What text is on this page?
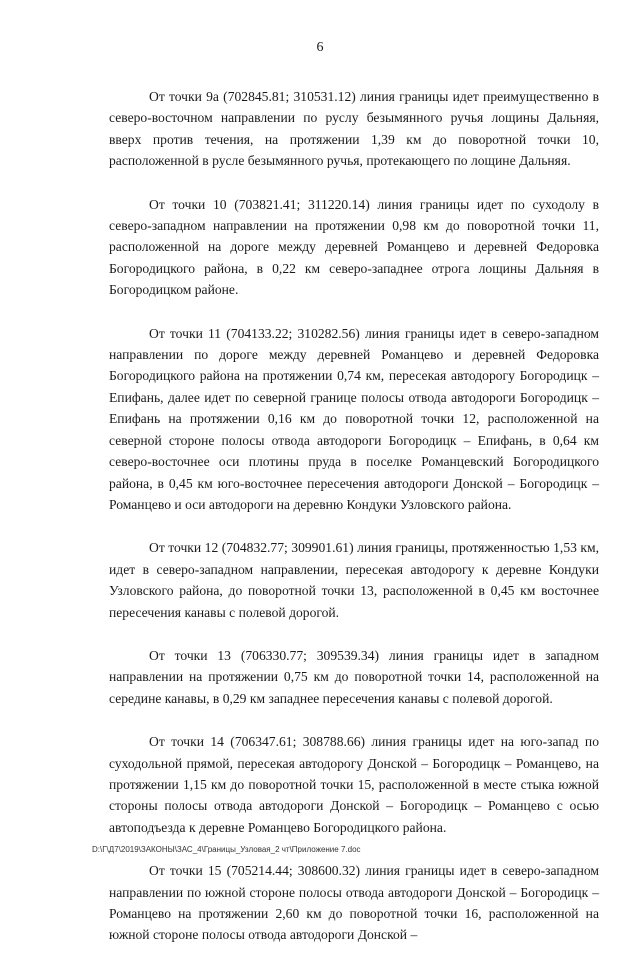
6

От точки 9а (702845.81; 310531.12) линия границы идет преимущественно в северо-восточном направлении по руслу безымянного ручья лощины Дальняя, вверх против течения, на протяжении 1,39 км до поворотной точки 10, расположенной в русле безымянного ручья, протекающего по лощине Дальняя.

От точки 10 (703821.41; 311220.14) линия границы идет по суходолу в северо-западном направлении на протяжении 0,98 км до поворотной точки 11, расположенной на дороге между деревней Романцево и деревней Федоровка Богородицкого района, в 0,22 км северо-западнее отрога лощины Дальняя в Богородицком районе.

От точки 11 (704133.22; 310282.56) линия границы идет в северо-западном направлении по дороге между деревней Романцево и деревней Федоровка Богородицкого района на протяжении 0,74 км, пересекая автодорогу Богородицк – Епифань, далее идет по северной границе полосы отвода автодороги Богородицк – Епифань на протяжении 0,16 км до поворотной точки 12, расположенной на северной стороне полосы отвода автодороги Богородицк – Епифань, в 0,64 км северо-восточнее оси плотины пруда в поселке Романцевский Богородицкого района, в 0,45 км юго-восточнее пересечения автодороги Донской – Богородицк – Романцево и оси автодороги на деревню Кондуки Узловского района.

От точки 12 (704832.77; 309901.61) линия границы, протяженностью 1,53 км, идет в северо-западном направлении, пересекая автодорогу к деревне Кондуки Узловского района, до поворотной точки 13, расположенной в 0,45 км восточнее пересечения канавы с полевой дорогой.

От точки 13 (706330.77; 309539.34) линия границы идет в западном направлении на протяжении 0,75 км до поворотной точки 14, расположенной на середине канавы, в 0,29 км западнее пересечения канавы с полевой дорогой.

От точки 14 (706347.61; 308788.66) линия границы идет на юго-запад по суходольной прямой, пересекая автодорогу Донской – Богородицк – Романцево, на протяжении 1,15 км до поворотной точки 15, расположенной в месте стыка южной стороны полосы отвода автодороги Донской – Богородицк – Романцево с осью автоподъезда к деревне Романцево Богородицкого района.

От точки 15 (705214.44; 308600.32) линия границы идет в северо-западном направлении по южной стороне полосы отвода автодороги Донской – Богородицк – Романцево на протяжении 2,60 км до поворотной точки 16, расположенной на южной стороне полосы отвода автодороги Донской –

D:\Г\Д7\2019\ЗАКОНЫ\ЗАС_4\Границы_Узловая_2 чт\Приложение 7.doc
